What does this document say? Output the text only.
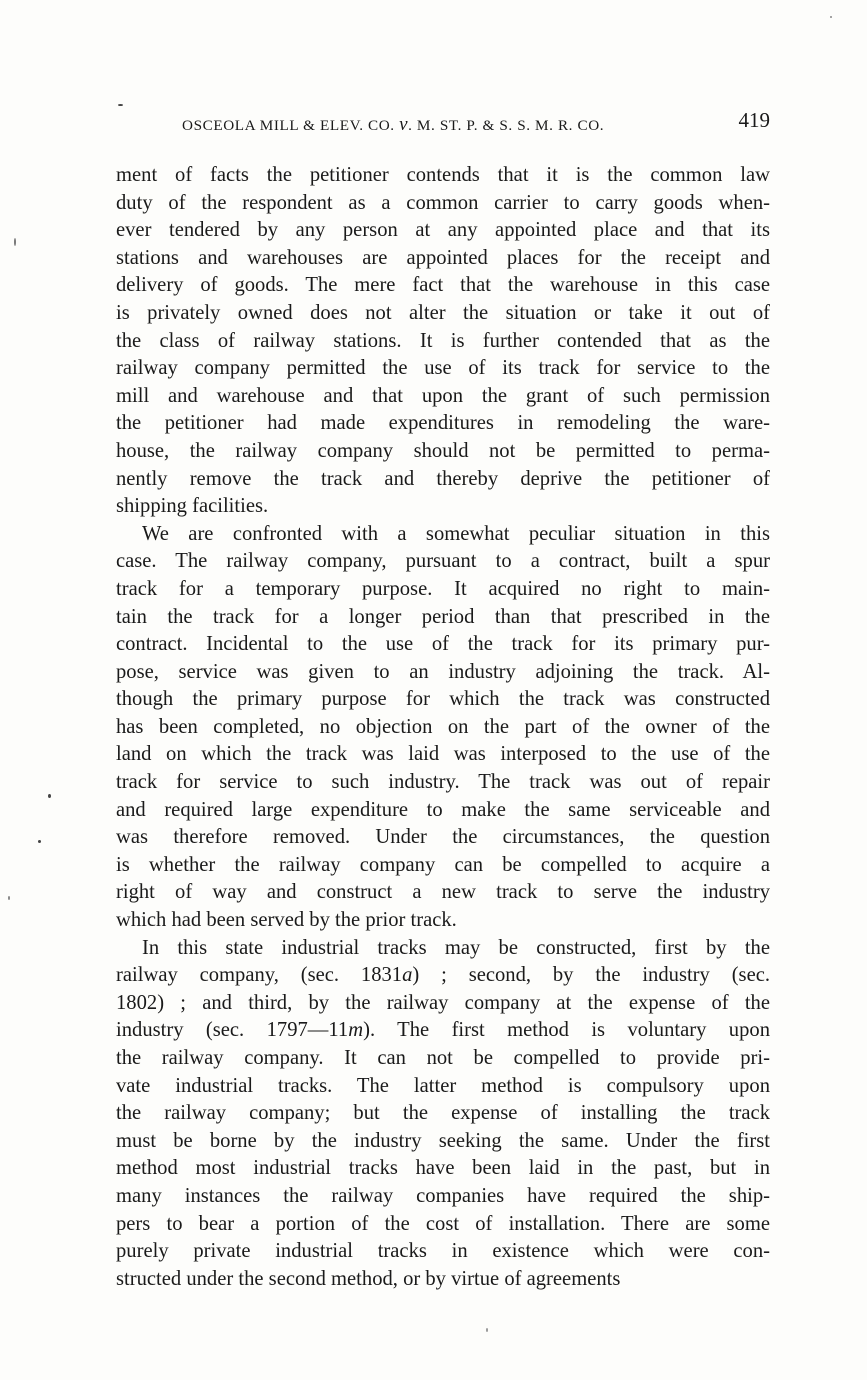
OSCEOLA MILL & ELEV. CO. v. M. ST. P. & S. S. M. R. CO.	419
ment of facts the petitioner contends that it is the common law
duty of the respondent as a common carrier to carry goods when-
ever tendered by any person at any appointed place and that its
stations and warehouses are appointed places for the receipt and
delivery of goods. The mere fact that the warehouse in this case
is privately owned does not alter the situation or take it out of
the class of railway stations. It is further contended that as the
railway company permitted the use of its track for service to the
mill and warehouse and that upon the grant of such permission
the petitioner had made expenditures in remodeling the ware-
house, the railway company should not be permitted to perma-
nently remove the track and thereby deprive the petitioner of
shipping facilities.
We are confronted with a somewhat peculiar situation in this
case. The railway company, pursuant to a contract, built a spur
track for a temporary purpose. It acquired no right to main-
tain the track for a longer period than that prescribed in the
contract. Incidental to the use of the track for its primary pur-
pose, service was given to an industry adjoining the track. Al-
though the primary purpose for which the track was constructed
has been completed, no objection on the part of the owner of the
land on which the track was laid was interposed to the use of the
track for service to such industry. The track was out of repair
and required large expenditure to make the same serviceable and
was therefore removed. Under the circumstances, the question
is whether the railway company can be compelled to acquire a
right of way and construct a new track to serve the industry
which had been served by the prior track.
In this state industrial tracks may be constructed, first by the
railway company, (sec. 1831a) ; second, by the industry (sec.
1802) ; and third, by the railway company at the expense of the
industry (sec. 1797—11m). The first method is voluntary upon
the railway company. It can not be compelled to provide pri-
vate industrial tracks. The latter method is compulsory upon
the railway company; but the expense of installing the track
must be borne by the industry seeking the same. Under the first
method most industrial tracks have been laid in the past, but in
many instances the railway companies have required the ship-
pers to bear a portion of the cost of installation. There are some
purely private industrial tracks in existence which were con-
structed under the second method, or by virtue of agreements
